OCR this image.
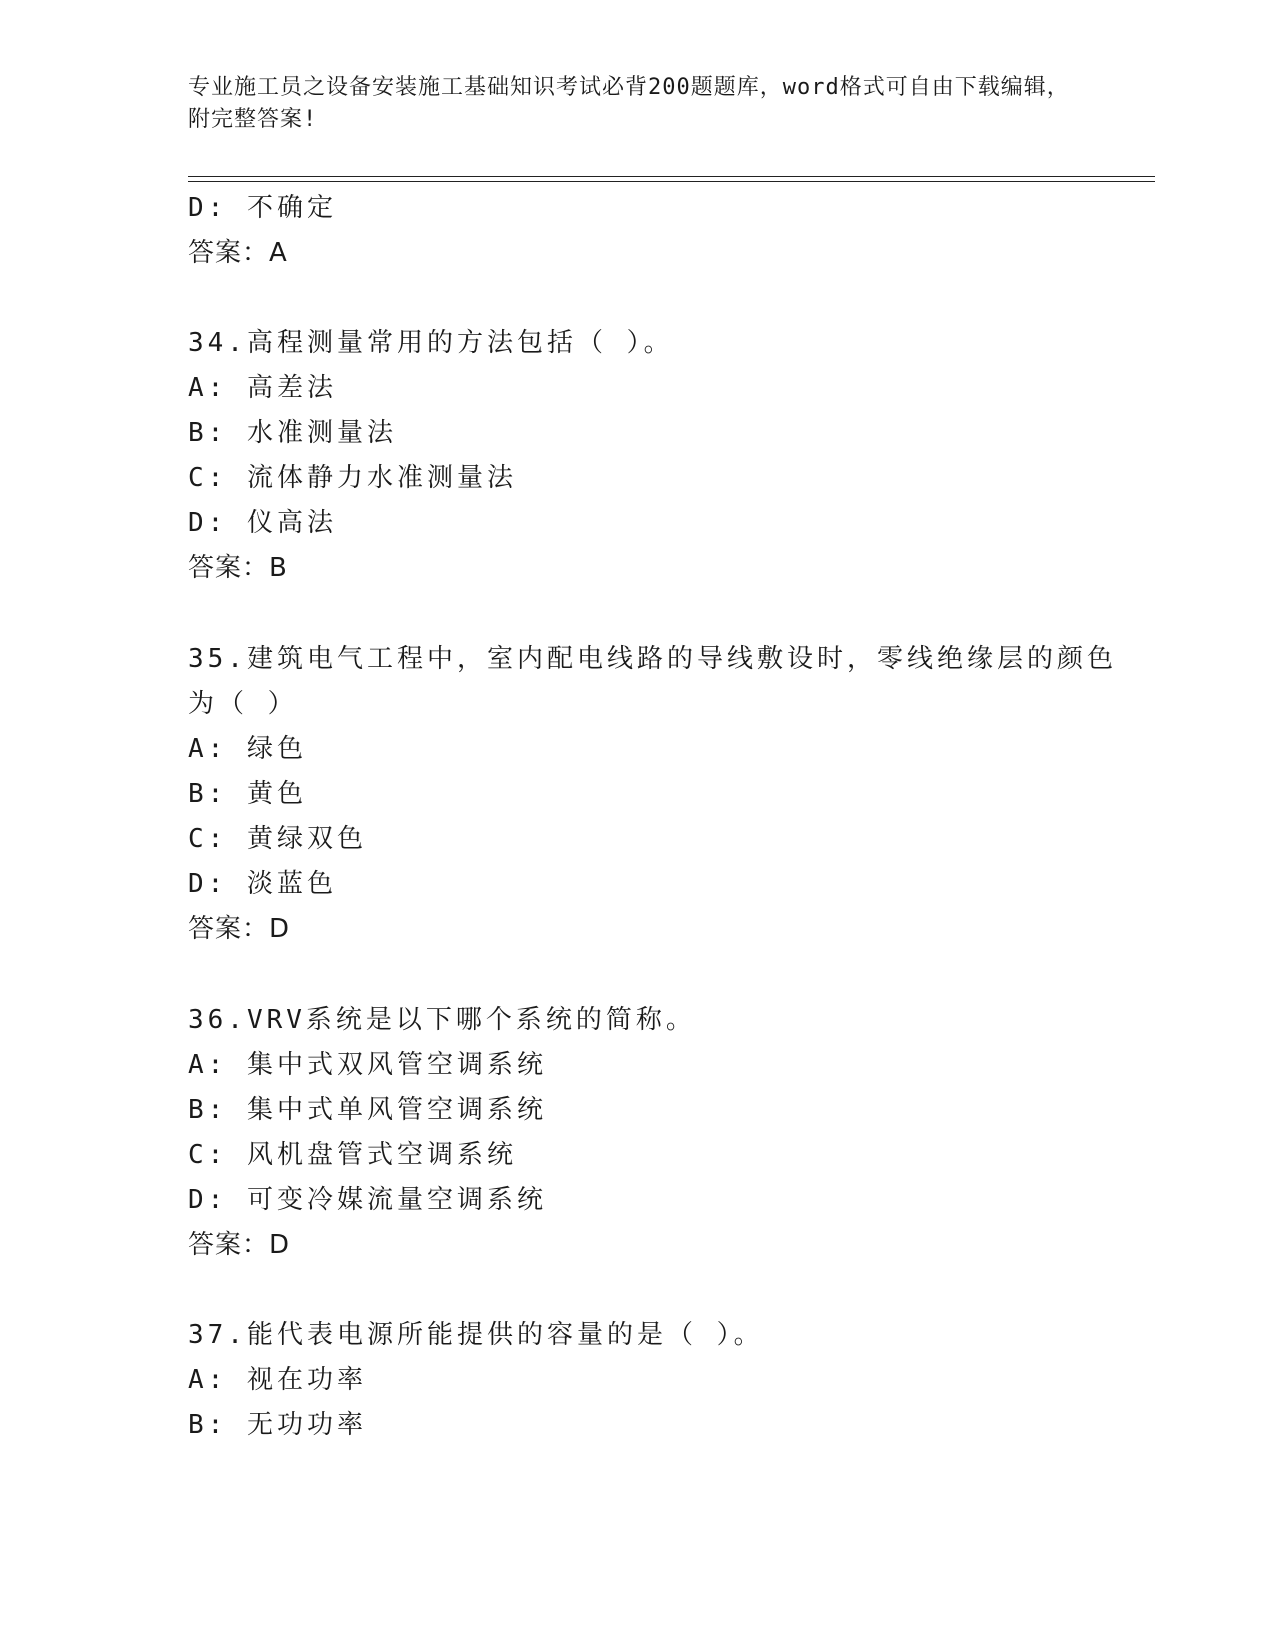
专业施工员之设备安装施工基础知识考试必背200题题库，word格式可自由下载编辑，附完整答案!
D: 不确定
答案：A
34.高程测量常用的方法包括（ ）。
A: 高差法
B: 水准测量法
C: 流体静力水准测量法
D: 仪高法
答案：B
35.建筑电气工程中，室内配电线路的导线敷设时，零线绝缘层的颜色
为（ ）
A: 绿色
B: 黄色
C: 黄绿双色
D: 淡蓝色
答案：D
36.VRV系统是以下哪个系统的简称。
A: 集中式双风管空调系统
B: 集中式单风管空调系统
C: 风机盘管式空调系统
D: 可变冷媒流量空调系统
答案：D
37.能代表电源所能提供的容量的是（ ）。
A: 视在功率
B: 无功功率
